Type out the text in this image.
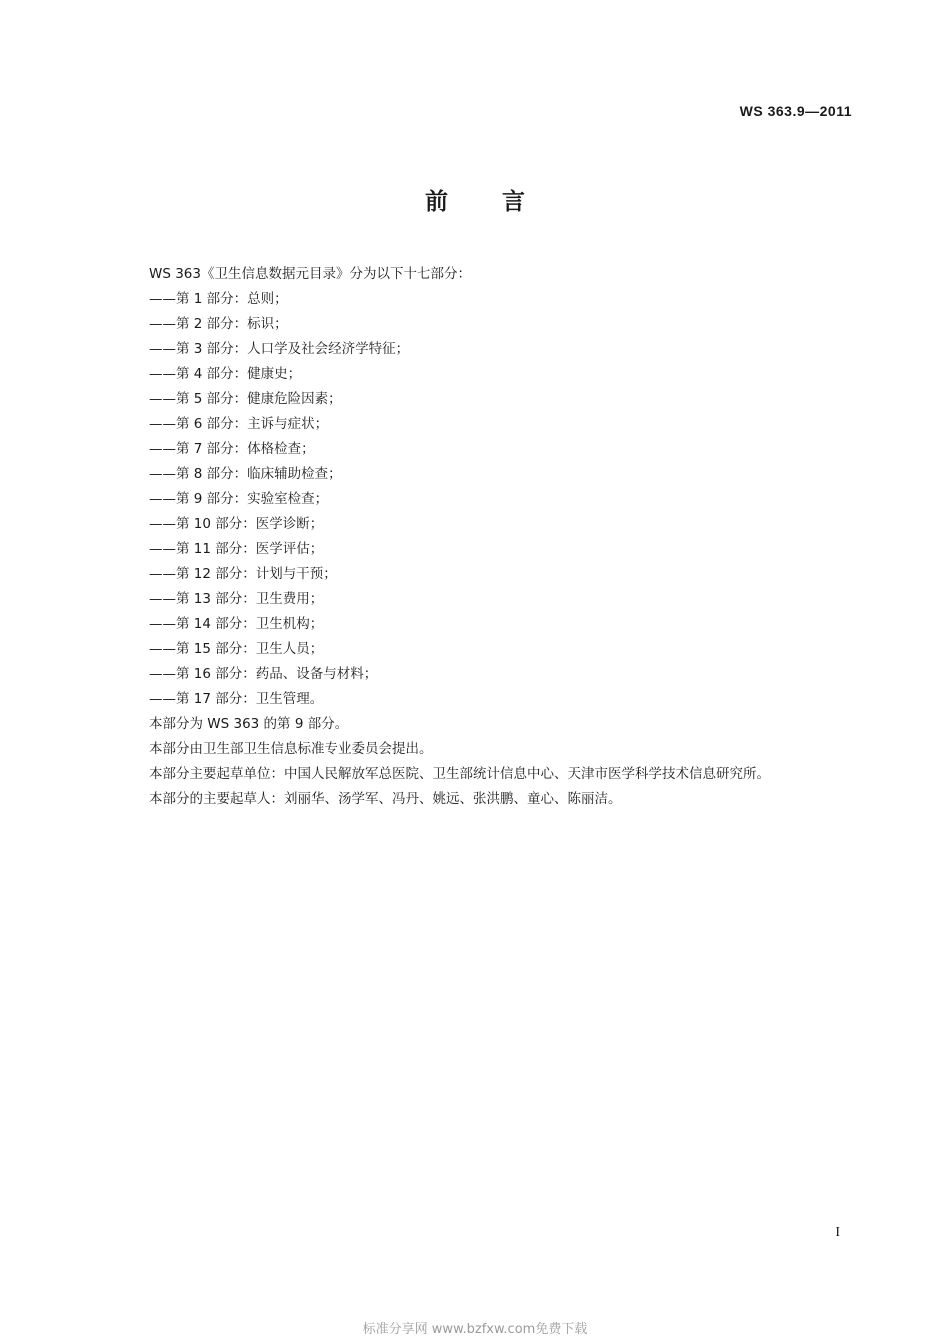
WS 363.9—2011
前 言
WS 363《卫生信息数据元目录》分为以下十七部分：
——第 1 部分：总则；
——第 2 部分：标识；
——第 3 部分：人口学及社会经济学特征；
——第 4 部分：健康史；
——第 5 部分：健康危险因素；
——第 6 部分：主诉与症状；
——第 7 部分：体格检查；
——第 8 部分：临床辅助检查；
——第 9 部分：实验室检查；
——第 10 部分：医学诊断；
——第 11 部分：医学评估；
——第 12 部分：计划与干预；
——第 13 部分：卫生费用；
——第 14 部分：卫生机构；
——第 15 部分：卫生人员；
——第 16 部分：药品、设备与材料；
——第 17 部分：卫生管理。
本部分为 WS 363 的第 9 部分。
本部分由卫生部卫生信息标准专业委员会提出。
本部分主要起草单位：中国人民解放军总医院、卫生部统计信息中心、天津市医学科学技术信息研究所。
本部分的主要起草人：刘丽华、汤学军、冯丹、姚远、张洪鹏、童心、陈丽洁。
I
标准分享网 www.bzfxw.com免费下载
